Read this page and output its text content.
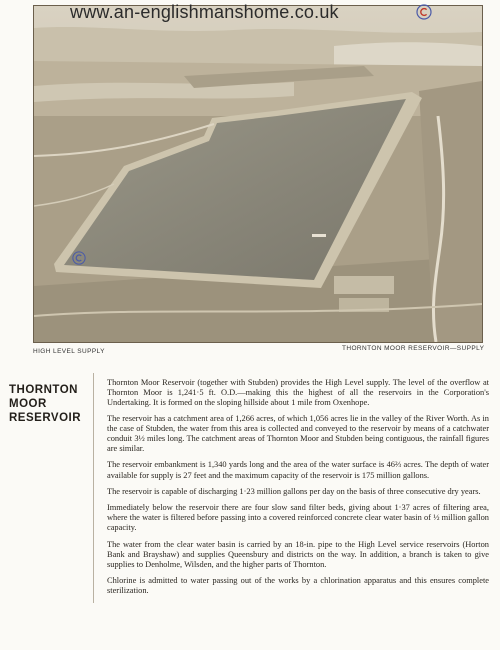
www.an-englishmanshome.co.uk
HIGH LEVEL SUPPLY	THORNTON MOOR RESERVOIR—SUPPLY
THORNTON
MOOR
RESERVOIR

Thornton Moor Reservoir (together with Stubden) provides the High Level supply. The level of the overflow at Thornton Moor is 1,241·5 ft. O.D.—making this the highest of all the reservoirs in the Corporation's Undertaking. It is formed on the sloping hillside about 1 mile from Oxenhope.

The reservoir has a catchment area of 1,266 acres, of which 1,056 acres lie in the valley of the River Worth. As in the case of Stubden, the water from this area is collected and conveyed to the reservoir by means of a catchwater conduit 3½ miles long. The catchment areas of Thornton Moor and Stubden being contiguous, the rainfall figures are similar.

The reservoir embankment is 1,340 yards long and the area of the water surface is 46⅔ acres. The depth of water available for supply is 27 feet and the maximum capacity of the reservoir is 175 million gallons.

The reservoir is capable of discharging 1·23 million gallons per day on the basis of three consecutive dry years.

Immediately below the reservoir there are four slow sand filter beds, giving about 1·37 acres of filtering area, where the water is filtered before passing into a covered reinforced concrete clear water basin of ½ million gallon capacity.

The water from the clear water basin is carried by an 18-in. pipe to the High Level service reservoirs (Horton Bank and Brayshaw) and supplies Queensbury and districts on the way. In addition, a branch is taken to give supplies to Denholme, Wilsden, and the higher parts of Thornton.

Chlorine is admitted to water passing out of the works by a chlorination apparatus and this ensures complete sterilization.
